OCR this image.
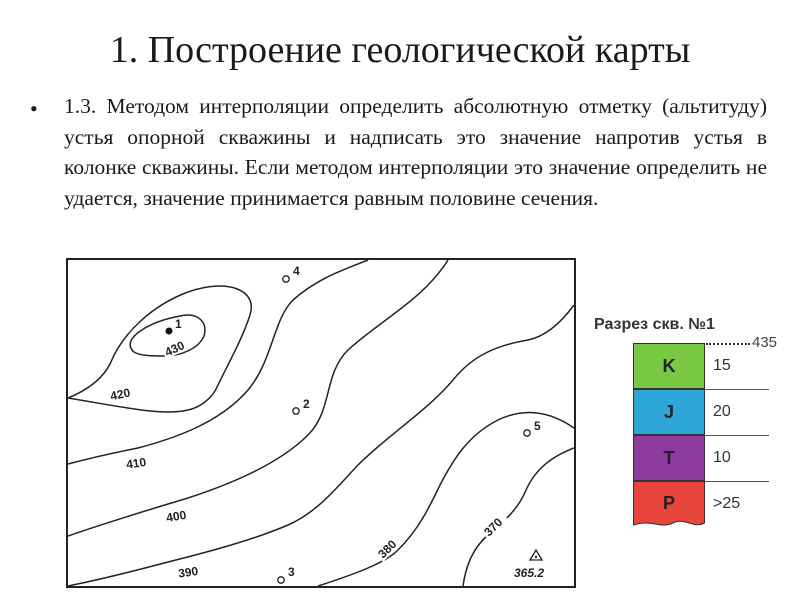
1. Построение геологической карты
• 1.3. Методом интерполяции определить абсолютную отметку (альтитуду) устья опорной скважины и надписать это значение напротив устья в колонке скважины. Если методом интерполяции это значение определить не удается, значение принимается равным половине сечения.
1
2
3
4
5
430
420
410
400
390
380
370
365.2
Разрез скв. №1
435
K
J
T
P
15
20
10
>25
